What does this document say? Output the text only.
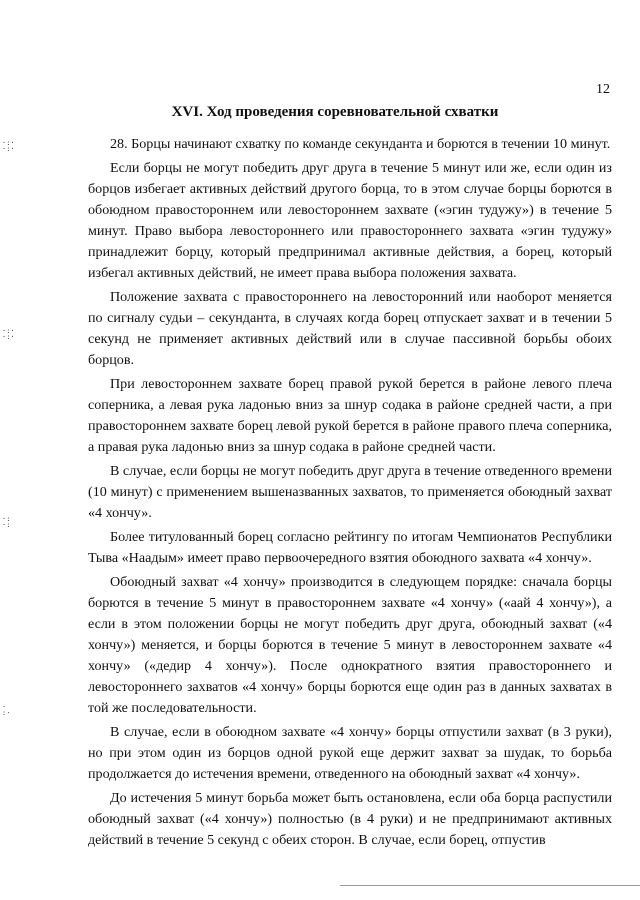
·:·
·:·
·:·
·:·
·:
·:
·
:·
12
XVI. Ход проведения соревновательной схватки

28. Борцы начинают схватку по команде секунданта и борются в течении 10 минут.

Если борцы не могут победить друг друга в течение 5 минут или же, если один из борцов избегает активных действий другого борца, то в этом случае борцы борются в обоюдном правостороннем или левостороннем захвате («эгин тудужу») в течение 5 минут. Право выбора левостороннего или правостороннего захвата «эгин тудужу» принадлежит борцу, который предпринимал активные действия, а борец, который избегал активных действий, не имеет права выбора положения захвата.

Положение захвата с правостороннего на левосторонний или наоборот меняется по сигналу судьи – секунданта, в случаях когда борец отпускает захват и в течении 5 секунд не применяет активных действий или в случае пассивной борьбы обоих борцов.

При левостороннем захвате борец правой рукой берется в районе левого плеча соперника, а левая рука ладонью вниз за шнур содака в районе средней части, а при правостороннем захвате борец левой рукой берется в районе правого плеча соперника, а правая рука ладонью вниз за шнур содака в районе средней части.

В случае, если борцы не могут победить друг друга в течение отведенного времени (10 минут) с применением вышеназванных захватов, то применяется обоюдный захват «4 хончу».

Более титулованный борец согласно рейтингу по итогам Чемпионатов Республики Тыва «Наадым» имеет право первоочередного взятия обоюдного захвата «4 хончу».

Обоюдный захват «4 хончу» производится в следующем порядке: сначала борцы борются в течение 5 минут в правостороннем захвате «4 хончу» («аай 4 хончу»), а если в этом положении борцы не могут победить друг друга, обоюдный захват («4 хончу») меняется, и борцы борются в течение 5 минут в левостороннем захвате «4 хончу» («дедир 4 хончу»). После однократного взятия правостороннего и левостороннего захватов «4 хончу» борцы борются еще один раз в данных захватах в той же последовательности.

В случае, если в обоюдном захвате «4 хончу» борцы отпустили захват (в 3 руки), но при этом один из борцов одной рукой еще держит захват за шудак, то борьба продолжается до истечения времени, отведенного на обоюдный захват «4 хончу».

До истечения 5 минут борьба может быть остановлена, если оба борца распустили обоюдный захват («4 хончу») полностью (в 4 руки) и не предпринимают активных действий в течение 5 секунд с обеих сторон. В случае, если борец, отпустив
